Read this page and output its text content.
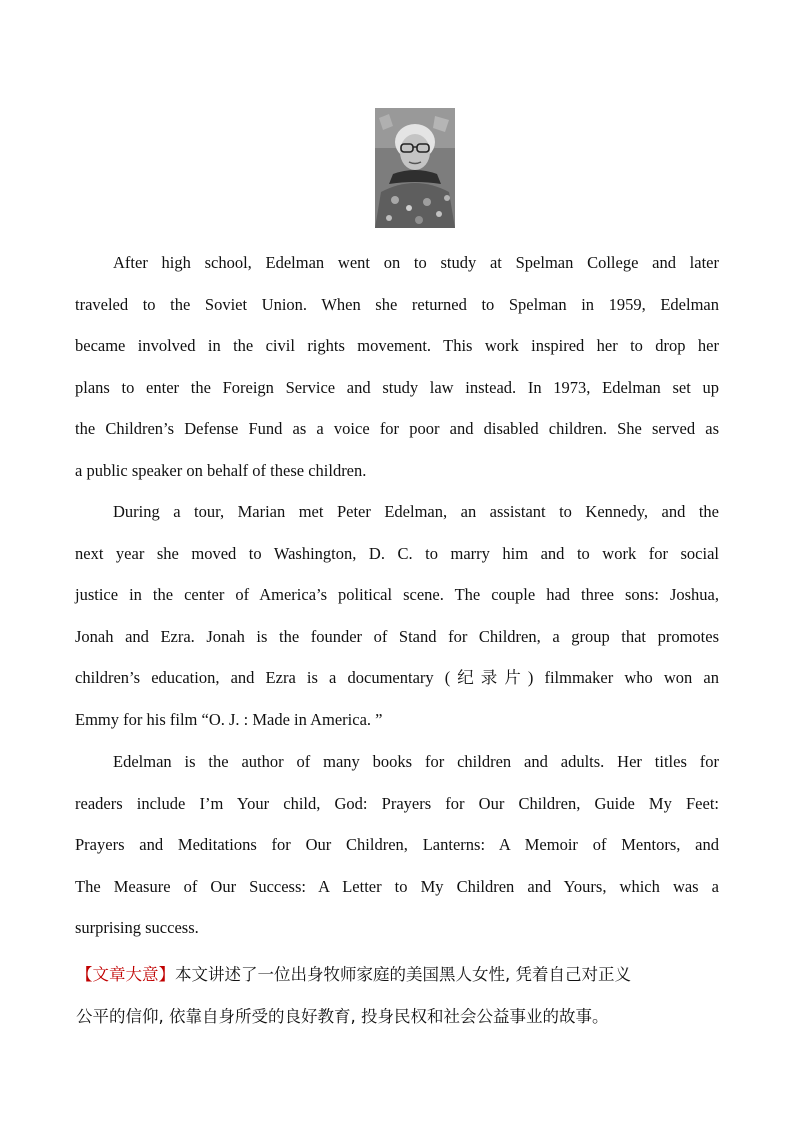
After high school, Edelman went on to study at Spelman College and later
traveled to the Soviet Union. When she returned to Spelman in 1959, Edelman
became involved in the civil rights movement. This work inspired her to drop her
plans to enter the Foreign Service and study law instead. In 1973, Edelman set up
the Children’s Defense Fund as a voice for poor and disabled children. She served as
a public speaker on behalf of these children.
During a tour, Marian met Peter Edelman, an assistant to Kennedy, and the
next year she moved to Washington, D. C. to marry him and to work for social
justice in the center of America’s political scene. The couple had three sons: Joshua,
Jonah and Ezra. Jonah is the founder of Stand for Children, a group that promotes
children’s education, and Ezra is a documentary (纪录片) filmmaker who won an
Emmy for his film “O. J. : Made in America. ”
Edelman is the author of many books for children and adults. Her titles for
readers include I’m Your child, God: Prayers for Our Children, Guide My Feet:
Prayers and Meditations for Our Children, Lanterns: A Memoir of Mentors, and
The Measure of Our Success: A Letter to My Children and Yours, which was a
surprising success.
【文章大意】本文讲述了一位出身牧师家庭的美国黑人女性, 凭着自己对正义
公平的信仰, 依靠自身所受的良好教育, 投身民权和社会公益事业的故事。
